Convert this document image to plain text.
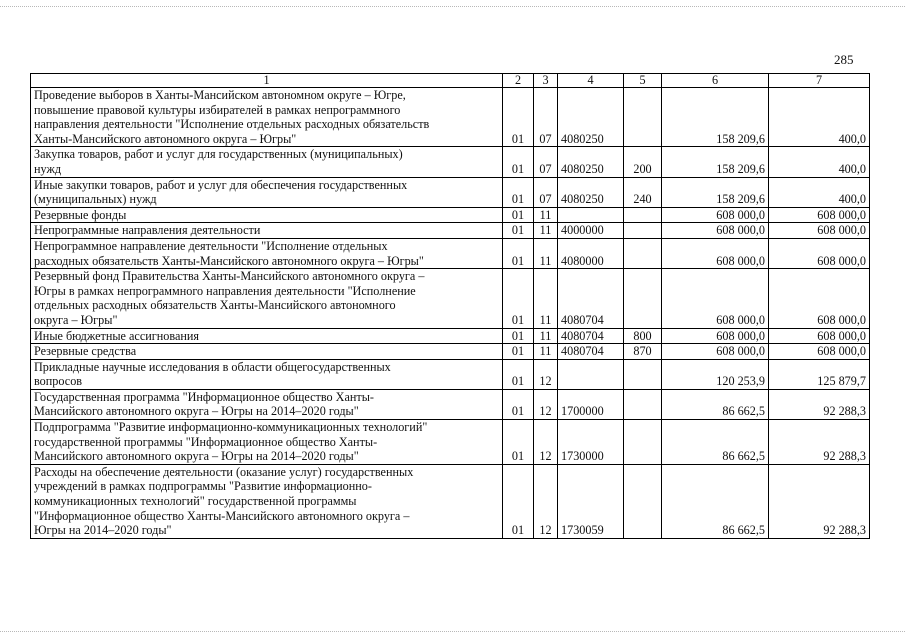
285
1	2	3	4	5	6	7
Проведение выборов в Ханты-Мансийском автономном округе – Югре,
повышение правовой культуры избирателей в рамках непрограммного
направления деятельности "Исполнение отдельных расходных обязательств
Ханты-Мансийского автономного округа – Югры"	01	07	4080250		158 209,6	400,0
Закупка товаров, работ и услуг для государственных (муниципальных)
нужд	01	07	4080250	200	158 209,6	400,0
Иные закупки товаров, работ и услуг для обеспечения государственных
(муниципальных) нужд	01	07	4080250	240	158 209,6	400,0
Резервные фонды	01	11			608 000,0	608 000,0
Непрограммные направления деятельности	01	11	4000000		608 000,0	608 000,0
Непрограммное направление деятельности "Исполнение отдельных
расходных обязательств Ханты-Мансийского автономного округа – Югры"	01	11	4080000		608 000,0	608 000,0
Резервный фонд Правительства Ханты-Мансийского автономного округа –
Югры в рамках непрограммного направления деятельности "Исполнение
отдельных расходных обязательств Ханты-Мансийского автономного
округа – Югры"	01	11	4080704		608 000,0	608 000,0
Иные бюджетные ассигнования	01	11	4080704	800	608 000,0	608 000,0
Резервные средства	01	11	4080704	870	608 000,0	608 000,0
Прикладные научные исследования в области общегосударственных
вопросов	01	12			120 253,9	125 879,7
Государственная программа "Информационное общество Ханты-
Мансийского автономного округа – Югры на 2014–2020 годы"	01	12	1700000		86 662,5	92 288,3
Подпрограмма "Развитие информационно-коммуникационных технологий"
государственной программы "Информационное общество Ханты-
Мансийского автономного округа – Югры на 2014–2020 годы"	01	12	1730000		86 662,5	92 288,3
Расходы на обеспечение деятельности (оказание услуг) государственных
учреждений в рамках подпрограммы "Развитие информационно-
коммуникационных технологий" государственной программы
"Информационное общество Ханты-Мансийского автономного округа –
Югры на 2014–2020 годы"	01	12	1730059		86 662,5	92 288,3
